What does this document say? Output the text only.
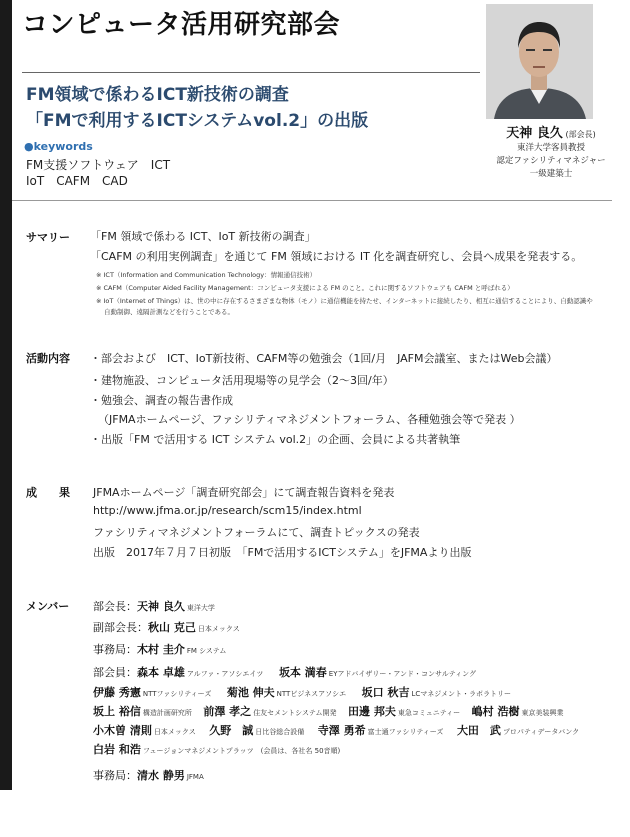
コンピュータ活用研究部会
FM領域で係わるICT新技術の調査
「FMで利用するICTシステムvol.2」の出版
●keywords
FM支援ソフトウェア　ICT
IoT　CAFM　CAD
天神 良久 (部会長)
東洋大学客員教授
認定ファシリティマネジャー
一級建築士
サマリー 「FM 領域で係わる ICT、IoT 新技術の調査」
「CAFM の利用実例調査」を通じて FM 領域における IT 化を調査研究し、会員へ成果を発表する。
※ ICT（Information and Communication Technology：情報通信技術）
※ CAFM（Computer Aided Facility Management：コンピュータ支援による FM のこと。これに関するソフトウェアも CAFM と呼ばれる）
※ IoT（Internet of Things）は、世の中に存在するさまざまな物体（モノ）に通信機能を持たせ、インターネットに接続したり、相互に通信することにより、自動認識や
自動制御、遠隔計測などを行うことである。
活動内容 ・部会および　ICT、IoT新技術、CAFM等の勉強会（1回/月　JAFM会議室、またはWeb会議）
・建物施設、コンピュータ活用現場等の見学会（2～3回/年）
・勉強会、調査の報告書作成
（JFMAホームページ、ファシリティマネジメントフォーラム、各種勉強会等で発表 ）
・出版「FM で活用する ICT システム vol.2」の企画、会員による共著執筆
成　　果 JFMAホームページ「調査研究部会」にて調査報告資料を発表
http://www.jfma.or.jp/research/scm15/index.html
ファシリティマネジメントフォーラムにて、調査トピックスの発表
出版　2017年７月７日初版　「FMで活用するICTシステム」をJFMAより出版
メンバー 部会長：天神 良久 東洋大学
副部会長：秋山 克己 日本メックス
事務局：木村 圭介 FM システム
部会員：森本 卓雄 アルファ・アソシエイツ 坂本 満春 EYアドバイザリー・アンド・コンサルティング
伊藤 秀憲 NTTファシリティーズ 菊池 伸夫 NTTビジネスアソシエ 坂口 秋吉 LCマネジメント・ラボラトリー
坂上 裕信 構造計画研究所 前澤 孝之 住友セメントシステム開発 田邊 邦夫 東急コミュニティー 嶋村 浩樹 東京美装興業
小木曽 清則 日本メックス 久野　誠 日比谷総合設備 寺澤 勇希 富士通ファシリティーズ 大田　武 プロパティデータバンク
白岩 和浩 フュージョンマネジメントプラッツ　(会員は、各社名 50音順)
事務局：清水 静男 JFMA
